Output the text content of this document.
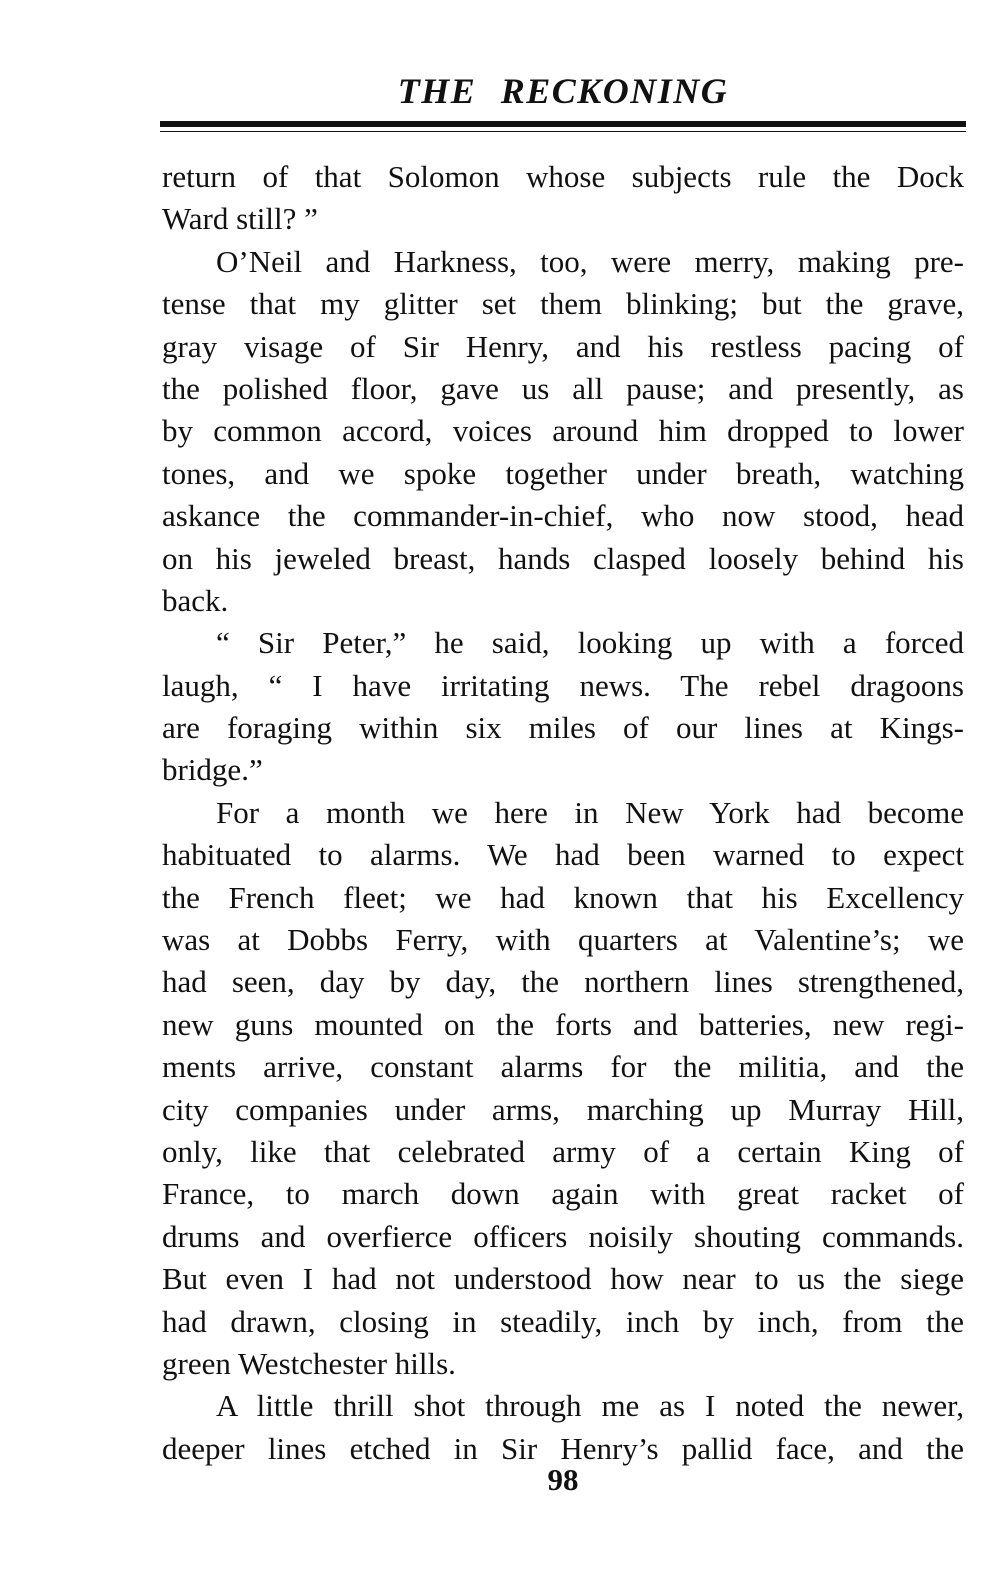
THE RECKONING
return of that Solomon whose subjects rule the Dock
Ward still? ”
O’Neil and Harkness, too, were merry, making pre-
tense that my glitter set them blinking; but the grave,
gray visage of Sir Henry, and his restless pacing of
the polished floor, gave us all pause; and presently, as
by common accord, voices around him dropped to lower
tones, and we spoke together under breath, watching
askance the commander-in-chief, who now stood, head
on his jeweled breast, hands clasped loosely behind his
back.
“ Sir Peter,” he said, looking up with a forced
laugh, “ I have irritating news. The rebel dragoons
are foraging within six miles of our lines at Kings-
bridge.”
For a month we here in New York had become
habituated to alarms. We had been warned to expect
the French fleet; we had known that his Excellency
was at Dobbs Ferry, with quarters at Valentine’s; we
had seen, day by day, the northern lines strengthened,
new guns mounted on the forts and batteries, new regi-
ments arrive, constant alarms for the militia, and the
city companies under arms, marching up Murray Hill,
only, like that celebrated army of a certain King of
France, to march down again with great racket of
drums and overfierce officers noisily shouting commands.
But even I had not understood how near to us the siege
had drawn, closing in steadily, inch by inch, from the
green Westchester hills.
A little thrill shot through me as I noted the newer,
deeper lines etched in Sir Henry’s pallid face, and the
98
